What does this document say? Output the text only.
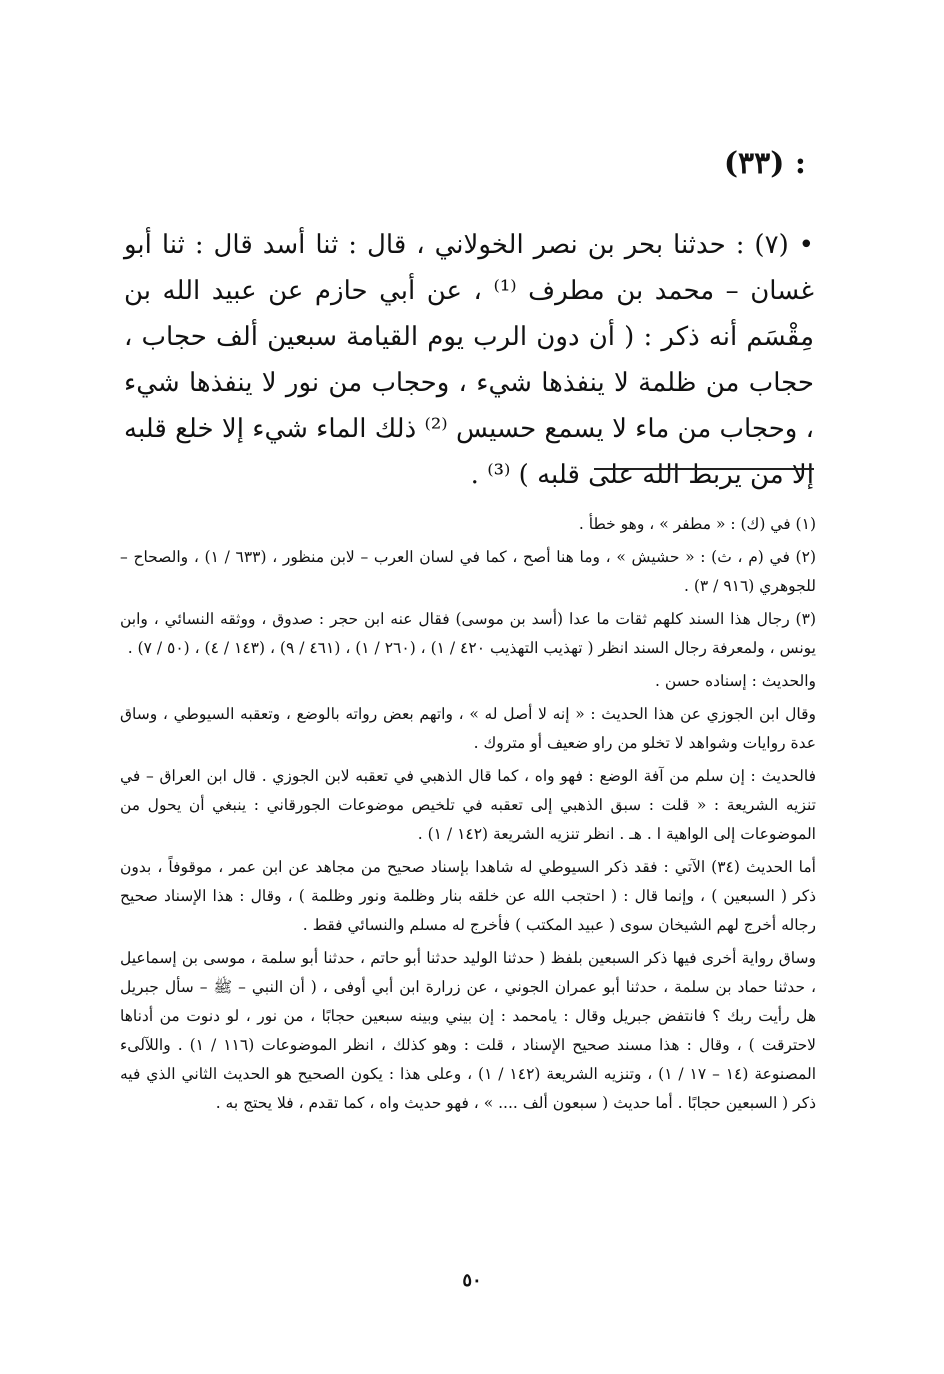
: (٣٣)

• (٧) : حدثنا بحر بن نصر الخولاني ، قال : ثنا أسد قال : ثنا أبو غسان – محمد بن مطرف ⁽¹⁾ ، عن أبي حازم عن عبيد الله بن مِقْسَم أنه ذكر : ( أن دون الرب يوم القيامة سبعين ألف حجاب ، حجاب من ظلمة لا ينفذها شيء ، وحجاب من نور لا ينفذها شيء ، وحجاب من ماء لا يسمع حسيس ⁽²⁾ ذلك الماء شيء إلا خلع قلبه إلا من يربط الله على قلبه ) ⁽³⁾ .

(١) في (ك) : « مطفر » ، وهو خطأ .

(٢) في (م ، ث) : « حشيش » ، وما هنا أصح ، كما في لسان العرب – لابن منظور ، (٦٣٣ / ١) ، والصحاح – للجوهري (٩١٦ / ٣) .

(٣) رجال هذا السند كلهم ثقات ما عدا (أسد بن موسى) فقال عنه ابن حجر : صدوق ، ووثقه النسائي ، وابن يونس ، ولمعرفة رجال السند انظر ( تهذيب التهذيب ٤٢٠ / ١) ، (٢٦٠ / ١) ، (٤٦١ / ٩) ، (١٤٣ / ٤) ، (٥٠ / ٧) .

والحديث : إسناده حسن .

وقال ابن الجوزي عن هذا الحديث : « إنه لا أصل له » ، واتهم بعض رواته بالوضع ، وتعقبه السيوطي ، وساق عدة روايات وشواهد لا تخلو من راو ضعيف أو متروك .

فالحديث : إن سلم من آفة الوضع : فهو واه ، كما قال الذهبي في تعقبه لابن الجوزي . قال ابن العراق – في تنزيه الشريعة : « قلت : سبق الذهبي إلى تعقبه في تلخيص موضوعات الجورقاني : ينبغي أن يحول من الموضوعات إلى الواهية ا . هـ . انظر تنزيه الشريعة (١٤٢ / ١) .

أما الحديث (٣٤) الآتي : فقد ذكر السيوطي له شاهدا بإسناد صحيح من مجاهد عن ابن عمر ، موقوفاً ، بدون ذكر ( السبعين ) ، وإنما قال : ( احتجب الله عن خلقه بنار وظلمة ونور وظلمة ) ، وقال : هذا الإسناد صحيح رجاله أخرج لهم الشيخان سوى ( عبيد المكتب ) فأخرج له مسلم والنسائي فقط .

وساق رواية أخرى فيها ذكر السبعين بلفظ ( حدثنا الوليد حدثنا أبو حاتم ، حدثنا أبو سلمة ، موسى بن إسماعيل ، حدثنا حماد بن سلمة ، حدثنا أبو عمران الجوني ، عن زرارة ابن أبي أوفى ، ( أن النبي – ﷺ – سأل جبريل هل رأيت ربك ؟ فانتفض جبريل وقال : يامحمد : إن بيني وبينه سبعين حجابًا ، من نور ، لو دنوت من أدناها لاحترقت ) ، وقال : هذا مسند صحيح الإسناد ، قلت : وهو كذلك ، انظر الموضوعات (١١٦ / ١) . واللآلىء المصنوعة (١٤ – ١٧ / ١) ، وتنزيه الشريعة (١٤٢ / ١) ، وعلى هذا : يكون الصحيح هو الحديث الثاني الذي فيه ذكر ( السبعين حجابًا . أما حديث ( سبعون ألف .... » ، فهو حديث واه ، كما تقدم ، فلا يحتج به .

٥٠
